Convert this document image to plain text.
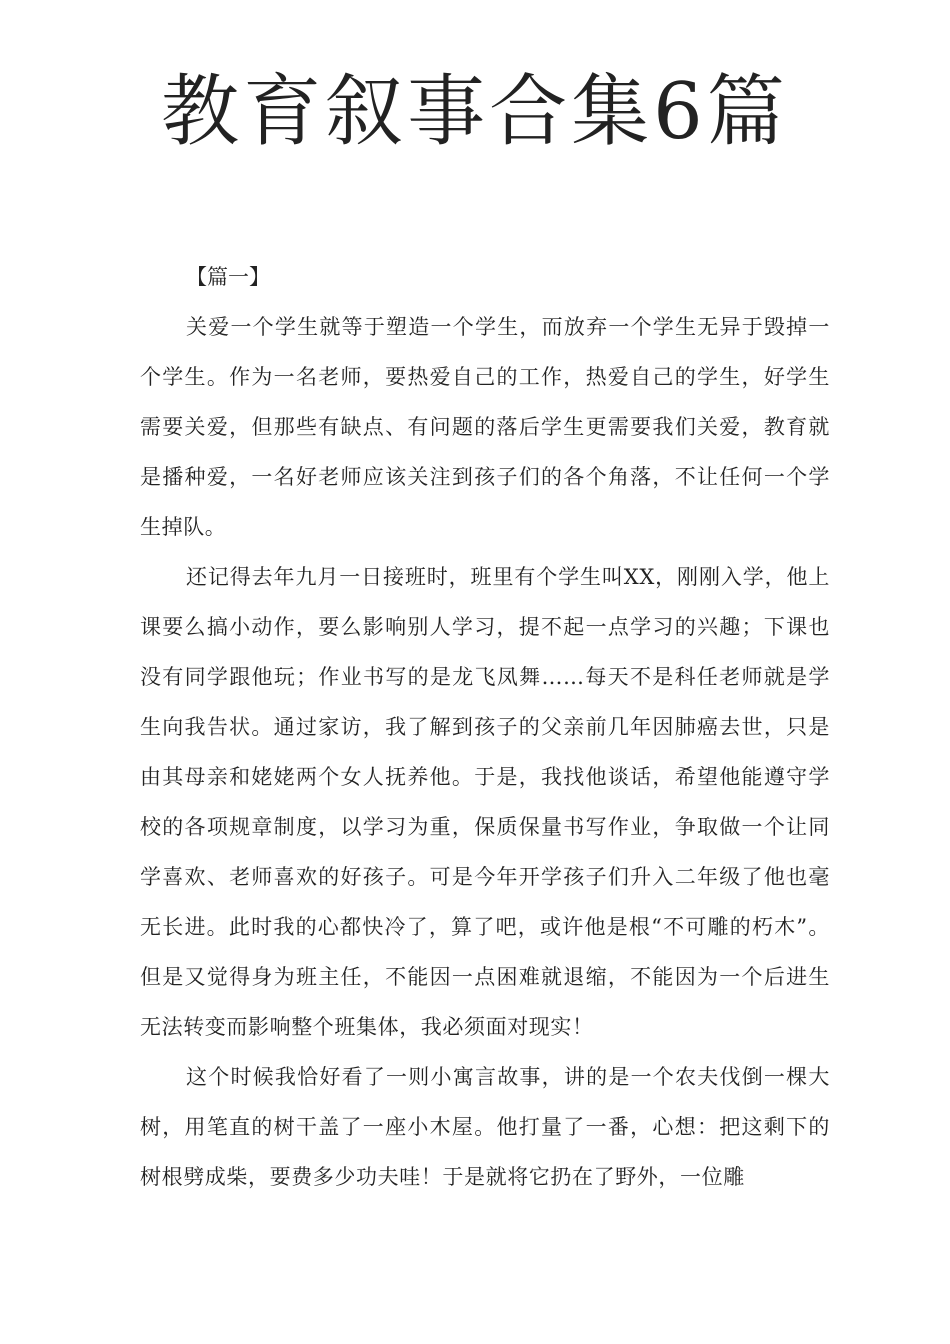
教育叙事合集6篇

【篇一】

关爱一个学生就等于塑造一个学生，而放弃一个学生无异于毁掉一个学生。作为一名老师，要热爱自己的工作，热爱自己的学生，好学生需要关爱，但那些有缺点、有问题的落后学生更需要我们关爱，教育就是播种爱，一名好老师应该关注到孩子们的各个角落，不让任何一个学生掉队。

还记得去年九月一日接班时，班里有个学生叫XX，刚刚入学，他上课要么搞小动作，要么影响别人学习，提不起一点学习的兴趣；下课也没有同学跟他玩；作业书写的是龙飞凤舞……每天不是科任老师就是学生向我告状。通过家访，我了解到孩子的父亲前几年因肺癌去世，只是由其母亲和姥姥两个女人抚养他。于是，我找他谈话，希望他能遵守学校的各项规章制度，以学习为重，保质保量书写作业，争取做一个让同学喜欢、老师喜欢的好孩子。可是今年开学孩子们升入二年级了他也毫无长进。此时我的心都快冷了，算了吧，或许他是根“不可雕的朽木”。但是又觉得身为班主任，不能因一点困难就退缩，不能因为一个后进生无法转变而影响整个班集体，我必须面对现实！

这个时候我恰好看了一则小寓言故事，讲的是一个农夫伐倒一棵大树，用笔直的树干盖了一座小木屋。他打量了一番，心想：把这剩下的树根劈成柴，要费多少功夫哇！于是就将它扔在了野外，一位雕
